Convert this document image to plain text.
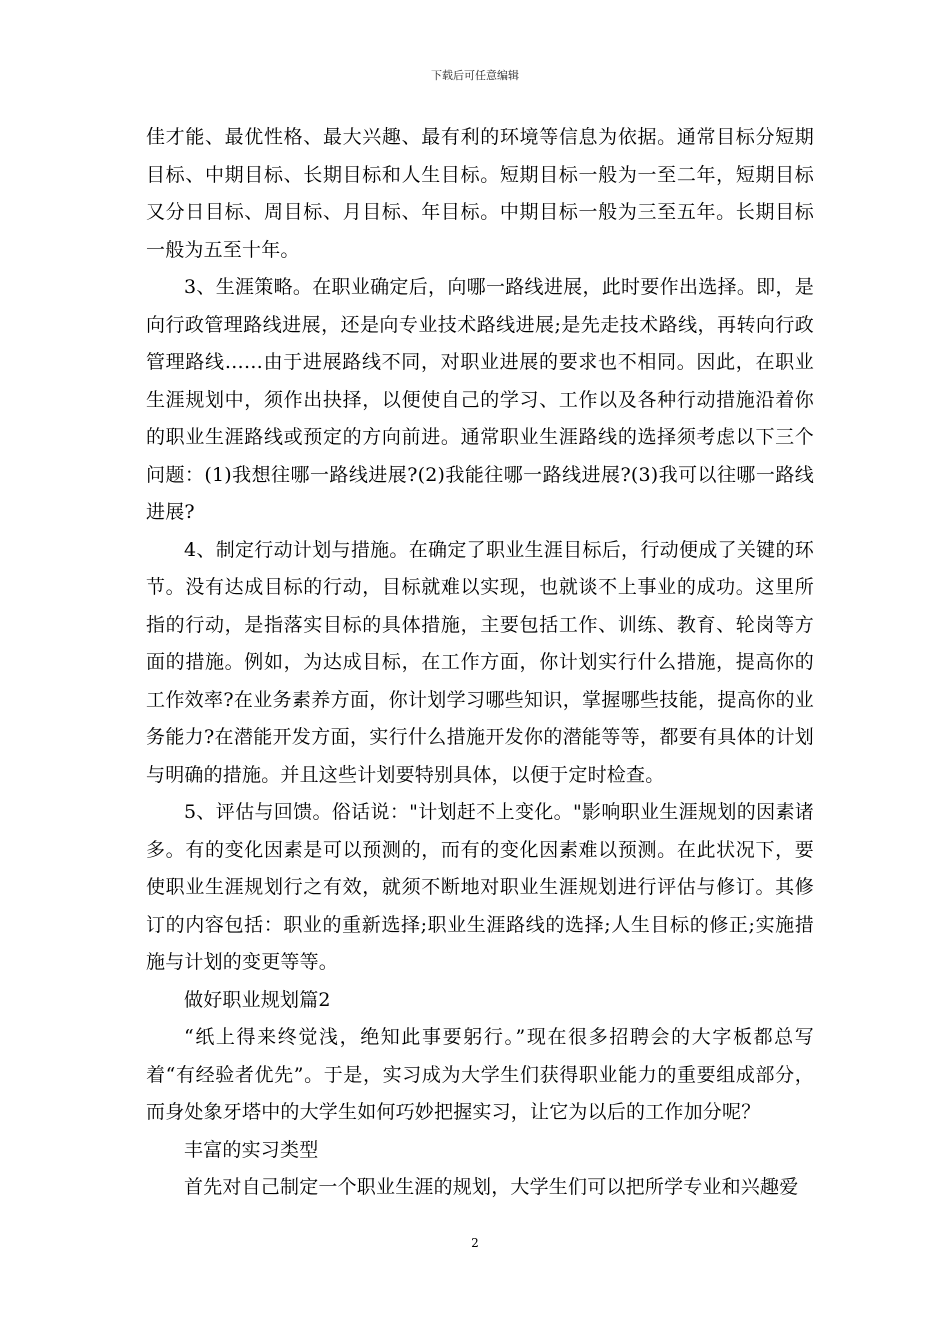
下载后可任意编辑

佳才能、最优性格、最大兴趣、最有利的环境等信息为依据。通常目标分短期目标、中期目标、长期目标和人生目标。短期目标一般为一至二年，短期目标又分日目标、周目标、月目标、年目标。中期目标一般为三至五年。长期目标一般为五至十年。

3、生涯策略。在职业确定后，向哪一路线进展，此时要作出选择。即，是向行政管理路线进展，还是向专业技术路线进展;是先走技术路线，再转向行政管理路线……由于进展路线不同，对职业进展的要求也不相同。因此，在职业生涯规划中，须作出抉择，以便使自己的学习、工作以及各种行动措施沿着你的职业生涯路线或预定的方向前进。通常职业生涯路线的选择须考虑以下三个问题：(1)我想往哪一路线进展?(2)我能往哪一路线进展?(3)我可以往哪一路线进展?

4、制定行动计划与措施。在确定了职业生涯目标后，行动便成了关键的环节。没有达成目标的行动，目标就难以实现，也就谈不上事业的成功。这里所指的行动，是指落实目标的具体措施，主要包括工作、训练、教育、轮岗等方面的措施。例如，为达成目标，在工作方面，你计划实行什么措施，提高你的工作效率?在业务素养方面，你计划学习哪些知识，掌握哪些技能，提高你的业务能力?在潜能开发方面，实行什么措施开发你的潜能等等，都要有具体的计划与明确的措施。并且这些计划要特别具体，以便于定时检查。

5、评估与回馈。俗话说："计划赶不上变化。"影响职业生涯规划的因素诸多。有的变化因素是可以预测的，而有的变化因素难以预测。在此状况下，要使职业生涯规划行之有效，就须不断地对职业生涯规划进行评估与修订。其修订的内容包括：职业的重新选择;职业生涯路线的选择;人生目标的修正;实施措施与计划的变更等等。

做好职业规划篇2

“纸上得来终觉浅，绝知此事要躬行。”现在很多招聘会的大字板都总写着“有经验者优先”。于是，实习成为大学生们获得职业能力的重要组成部分，而身处象牙塔中的大学生如何巧妙把握实习，让它为以后的工作加分呢？

丰富的实习类型

首先对自己制定一个职业生涯的规划，大学生们可以把所学专业和兴趣爱

2
